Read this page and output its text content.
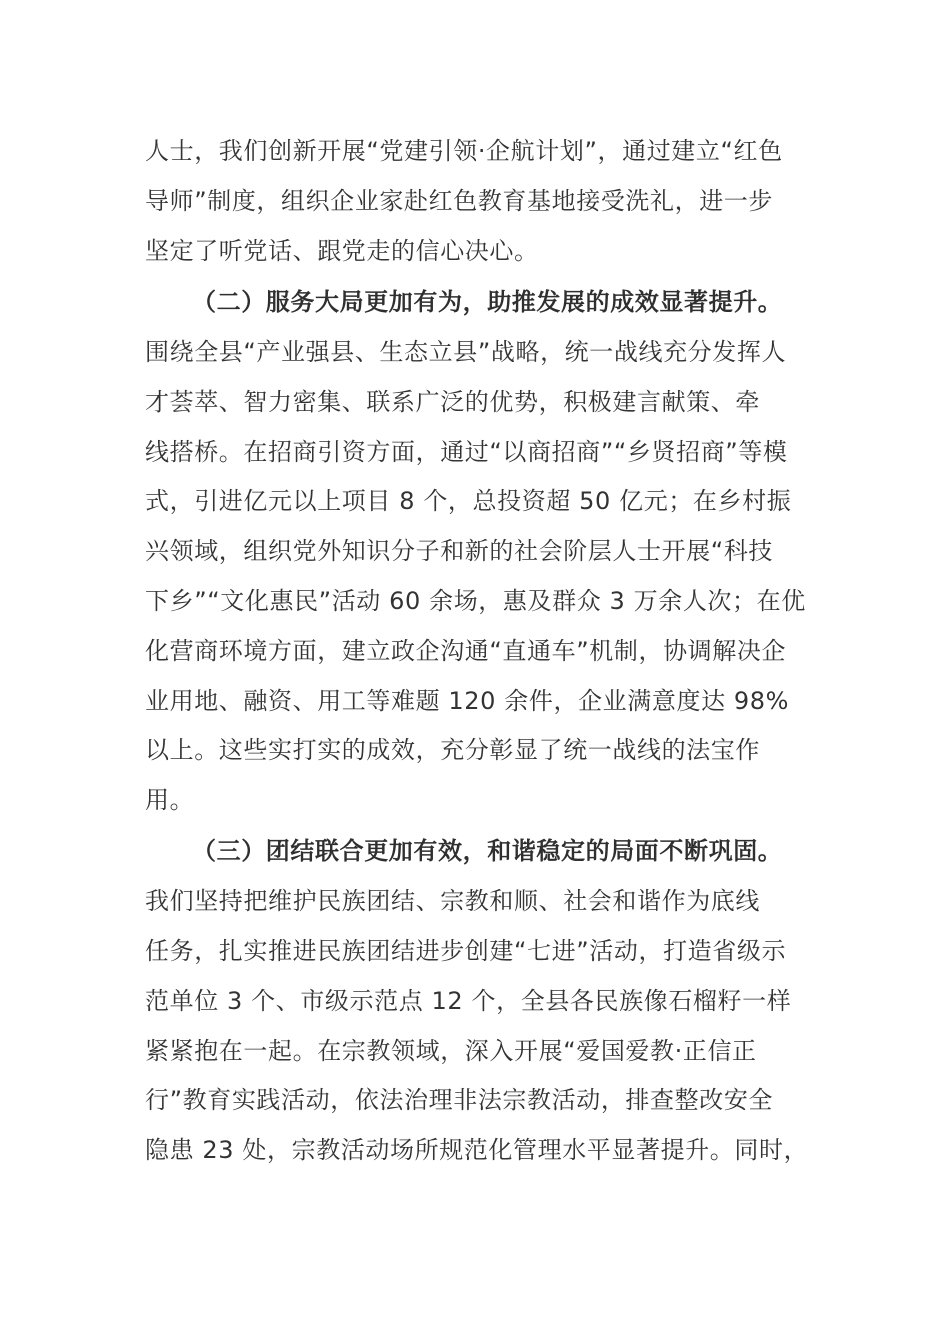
人士，我们创新开展“党建引领·企航计划”，通过建立“红色
导师”制度，组织企业家赴红色教育基地接受洗礼，进一步
坚定了听党话、跟党走的信心决心。
（二）服务大局更加有为，助推发展的成效显著提升。
围绕全县“产业强县、生态立县”战略，统一战线充分发挥人
才荟萃、智力密集、联系广泛的优势，积极建言献策、牵
线搭桥。在招商引资方面，通过“以商招商”“乡贤招商”等模
式，引进亿元以上项目 8 个，总投资超 50 亿元；在乡村振
兴领域，组织党外知识分子和新的社会阶层人士开展“科技
下乡”“文化惠民”活动 60 余场，惠及群众 3 万余人次；在优
化营商环境方面，建立政企沟通“直通车”机制，协调解决企
业用地、融资、用工等难题 120 余件，企业满意度达 98%
以上。这些实打实的成效，充分彰显了统一战线的法宝作
用。
（三）团结联合更加有效，和谐稳定的局面不断巩固。
我们坚持把维护民族团结、宗教和顺、社会和谐作为底线
任务，扎实推进民族团结进步创建“七进”活动，打造省级示
范单位 3 个、市级示范点 12 个，全县各民族像石榴籽一样
紧紧抱在一起。在宗教领域，深入开展“爱国爱教·正信正
行”教育实践活动，依法治理非法宗教活动，排查整改安全
隐患 23 处，宗教活动场所规范化管理水平显著提升。同时，
